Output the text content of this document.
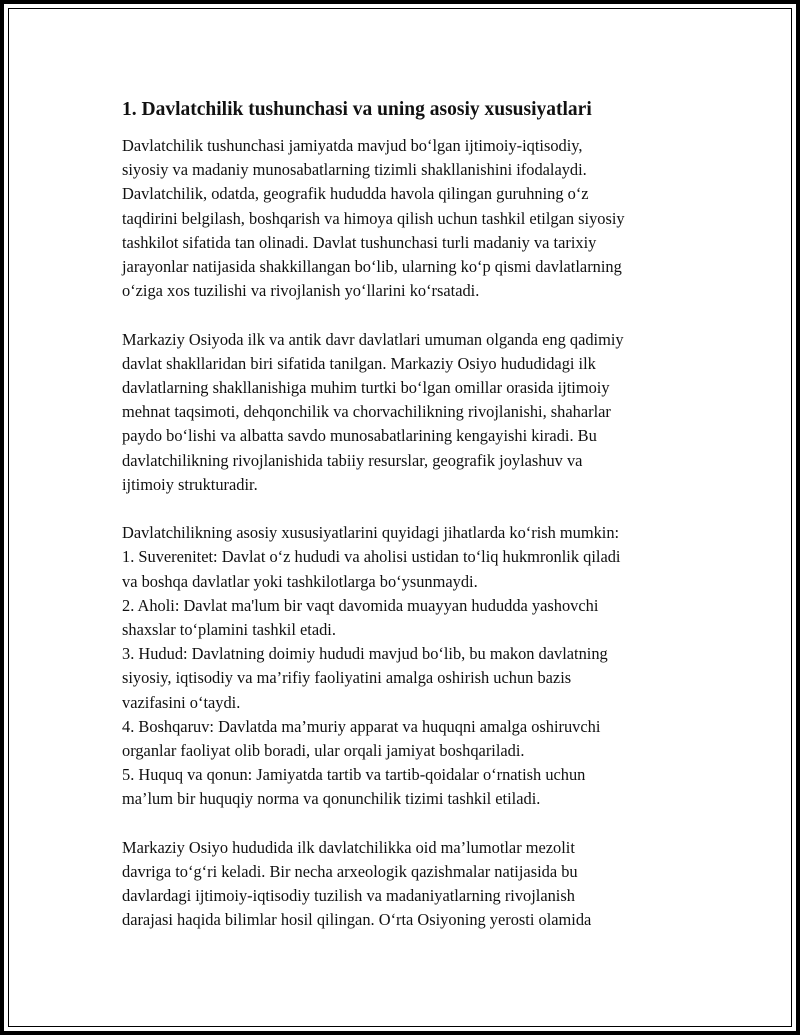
1. Davlatchilik tushunchasi va uning asosiy xususiyatlari

Davlatchilik tushunchasi jamiyatda mavjud bo‘lgan ijtimoiy-iqtisodiy,
siyosiy va madaniy munosabatlarning tizimli shakllanishini ifodalaydi.
Davlatchilik, odatda, geografik hududda havola qilingan guruhning o‘z
taqdirini belgilash, boshqarish va himoya qilish uchun tashkil etilgan siyosiy
tashkilot sifatida tan olinadi. Davlat tushunchasi turli madaniy va tarixiy
jarayonlar natijasida shakkillangan bo‘lib, ularning ko‘p qismi davlatlarning
o‘ziga xos tuzilishi va rivojlanish yo‘llarini ko‘rsatadi.

Markaziy Osiyoda ilk va antik davr davlatlari umuman olganda eng qadimiy
davlat shakllaridan biri sifatida tanilgan. Markaziy Osiyo hududidagi ilk
davlatlarning shakllanishiga muhim turtki bo‘lgan omillar orasida ijtimoiy
mehnat taqsimoti, dehqonchilik va chorvachilikning rivojlanishi, shaharlar
paydo bo‘lishi va albatta savdo munosabatlarining kengayishi kiradi. Bu
davlatchilikning rivojlanishida tabiiy resurslar, geografik joylashuv va
ijtimoiy strukturadir.

Davlatchilikning asosiy xususiyatlarini quyidagi jihatlarda ko‘rish mumkin:
1. Suverenitet: Davlat o‘z hududi va aholisi ustidan to‘liq hukmronlik qiladi
va boshqa davlatlar yoki tashkilotlarga bo‘ysunmaydi.
2. Aholi: Davlat ma'lum bir vaqt davomida muayyan hududda yashovchi
shaxslar to‘plamini tashkil etadi.
3. Hudud: Davlatning doimiy hududi mavjud bo‘lib, bu makon davlatning
siyosiy, iqtisodiy va ma’rifiy faoliyatini amalga oshirish uchun bazis
vazifasini o‘taydi.
4. Boshqaruv: Davlatda ma’muriy apparat va huquqni amalga oshiruvchi
organlar faoliyat olib boradi, ular orqali jamiyat boshqariladi.
5. Huquq va qonun: Jamiyatda tartib va tartib-qoidalar o‘rnatish uchun
ma’lum bir huquqiy norma va qonunchilik tizimi tashkil etiladi.

Markaziy Osiyo hududida ilk davlatchilikka oid ma’lumotlar mezolit
davriga to‘g‘ri keladi. Bir necha arxeologik qazishmalar natijasida bu
davlardagi ijtimoiy-iqtisodiy tuzilish va madaniyatlarning rivojlanish
darajasi haqida bilimlar hosil qilingan. O‘rta Osiyoning yerosti olamida
